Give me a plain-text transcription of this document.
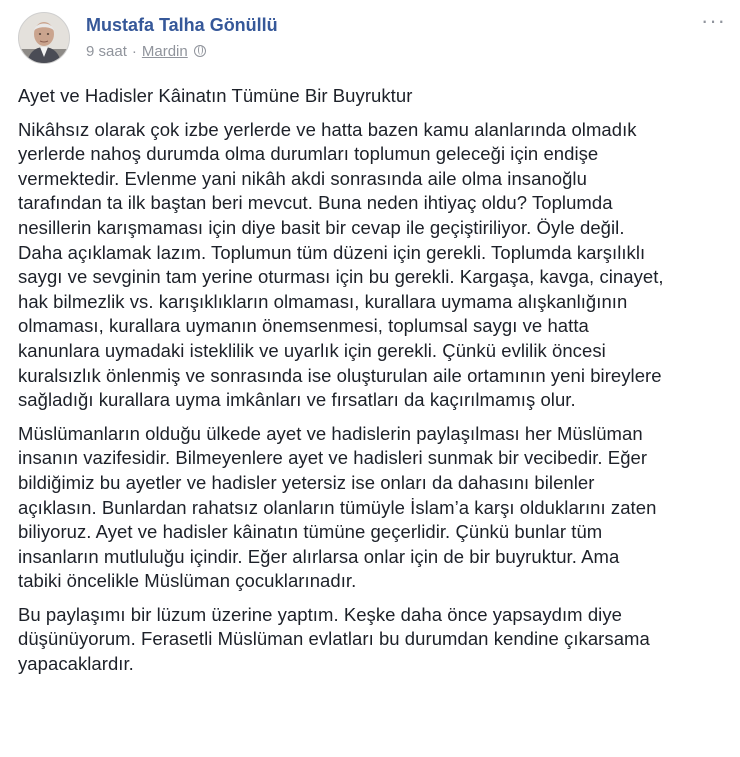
Mustafa Talha Gönüllü
9 saat · Mardin
···

Ayet ve Hadisler Kâinatın Tümüne Bir Buyruktur

Nikâhsız olarak çok izbe yerlerde ve hatta bazen kamu alanlarında olmadık
yerlerde nahoş durumda olma durumları toplumun geleceği için endişe
vermektedir. Evlenme yani nikâh akdi sonrasında aile olma insanoğlu
tarafından ta ilk baştan beri mevcut. Buna neden ihtiyaç oldu? Toplumda
nesillerin karışmaması için diye basit bir cevap ile geçiştiriliyor. Öyle değil.
Daha açıklamak lazım. Toplumun tüm düzeni için gerekli. Toplumda karşılıklı
saygı ve sevginin tam yerine oturması için bu gerekli. Kargaşa, kavga, cinayet,
hak bilmezlik vs. karışıklıkların olmaması, kurallara uymama alışkanlığının
olmaması, kurallara uymanın önemsenmesi, toplumsal saygı ve hatta
kanunlara uymadaki isteklilik ve uyarlık için gerekli. Çünkü evlilik öncesi
kuralsızlık önlenmiş ve sonrasında ise oluşturulan aile ortamının yeni bireylere
sağladığı kurallara uyma imkânları ve fırsatları da kaçırılmamış olur.

Müslümanların olduğu ülkede ayet ve hadislerin paylaşılması her Müslüman
insanın vazifesidir. Bilmeyenlere ayet ve hadisleri sunmak bir vecibedir. Eğer
bildiğimiz bu ayetler ve hadisler yetersiz ise onları da dahasını bilenler
açıklasın. Bunlardan rahatsız olanların tümüyle İslam’a karşı olduklarını zaten
biliyoruz. Ayet ve hadisler kâinatın tümüne geçerlidir. Çünkü bunlar tüm
insanların mutluluğu içindir. Eğer alırlarsa onlar için de bir buyruktur. Ama
tabiki öncelikle Müslüman çocuklarınadır.

Bu paylaşımı bir lüzum üzerine yaptım. Keşke daha önce yapsaydım diye
düşünüyorum. Ferasetli Müslüman evlatları bu durumdan kendine çıkarsama
yapacaklardır.
